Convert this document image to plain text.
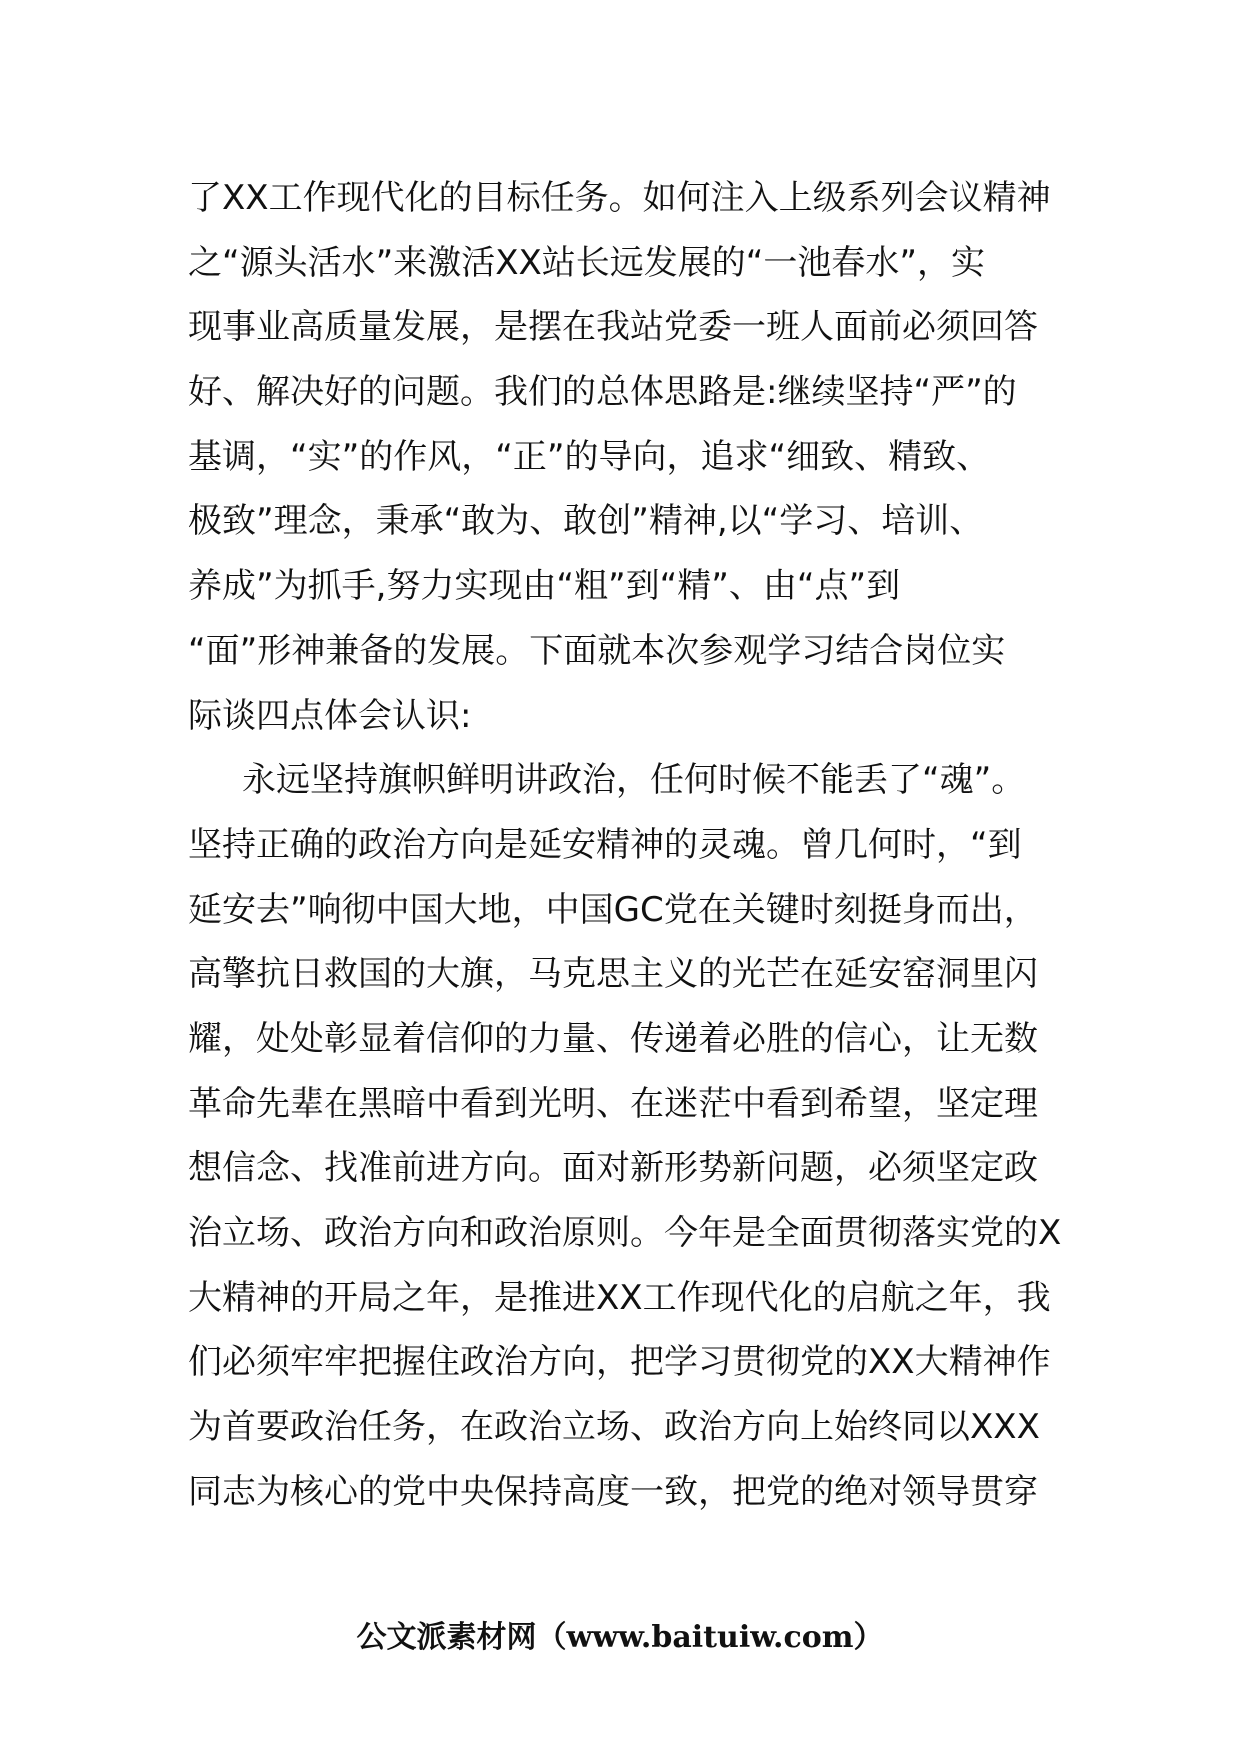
了XX工作现代化的目标任务。如何注入上级系列会议精神
之“源头活水”来激活XX站长远发展的“一池春水”，实
现事业高质量发展，是摆在我站党委一班人面前必须回答
好、解决好的问题。我们的总体思路是:继续坚持“严”的
基调，“实”的作风，“正”的导向，追求“细致、精致、
极致”理念，秉承“敢为、敢创”精神,以“学习、培训、
养成”为抓手,努力实现由“粗”到“精”、由“点”到
“面”形神兼备的发展。下面就本次参观学习结合岗位实
际谈四点体会认识:
永远坚持旗帜鲜明讲政治，任何时候不能丢了“魂”。
坚持正确的政治方向是延安精神的灵魂。曾几何时，“到
延安去”响彻中国大地，中国GC党在关键时刻挺身而出，
高擎抗日救国的大旗，马克思主义的光芒在延安窑洞里闪
耀，处处彰显着信仰的力量、传递着必胜的信心，让无数
革命先辈在黑暗中看到光明、在迷茫中看到希望，坚定理
想信念、找准前进方向。面对新形势新问题，必须坚定政
治立场、政治方向和政治原则。今年是全面贯彻落实党的X
大精神的开局之年，是推进XX工作现代化的启航之年，我
们必须牢牢把握住政治方向，把学习贯彻党的XX大精神作
为首要政治任务，在政治立场、政治方向上始终同以XXX
同志为核心的党中央保持高度一致，把党的绝对领导贯穿
公文派素材网（www.baituiw.com）
